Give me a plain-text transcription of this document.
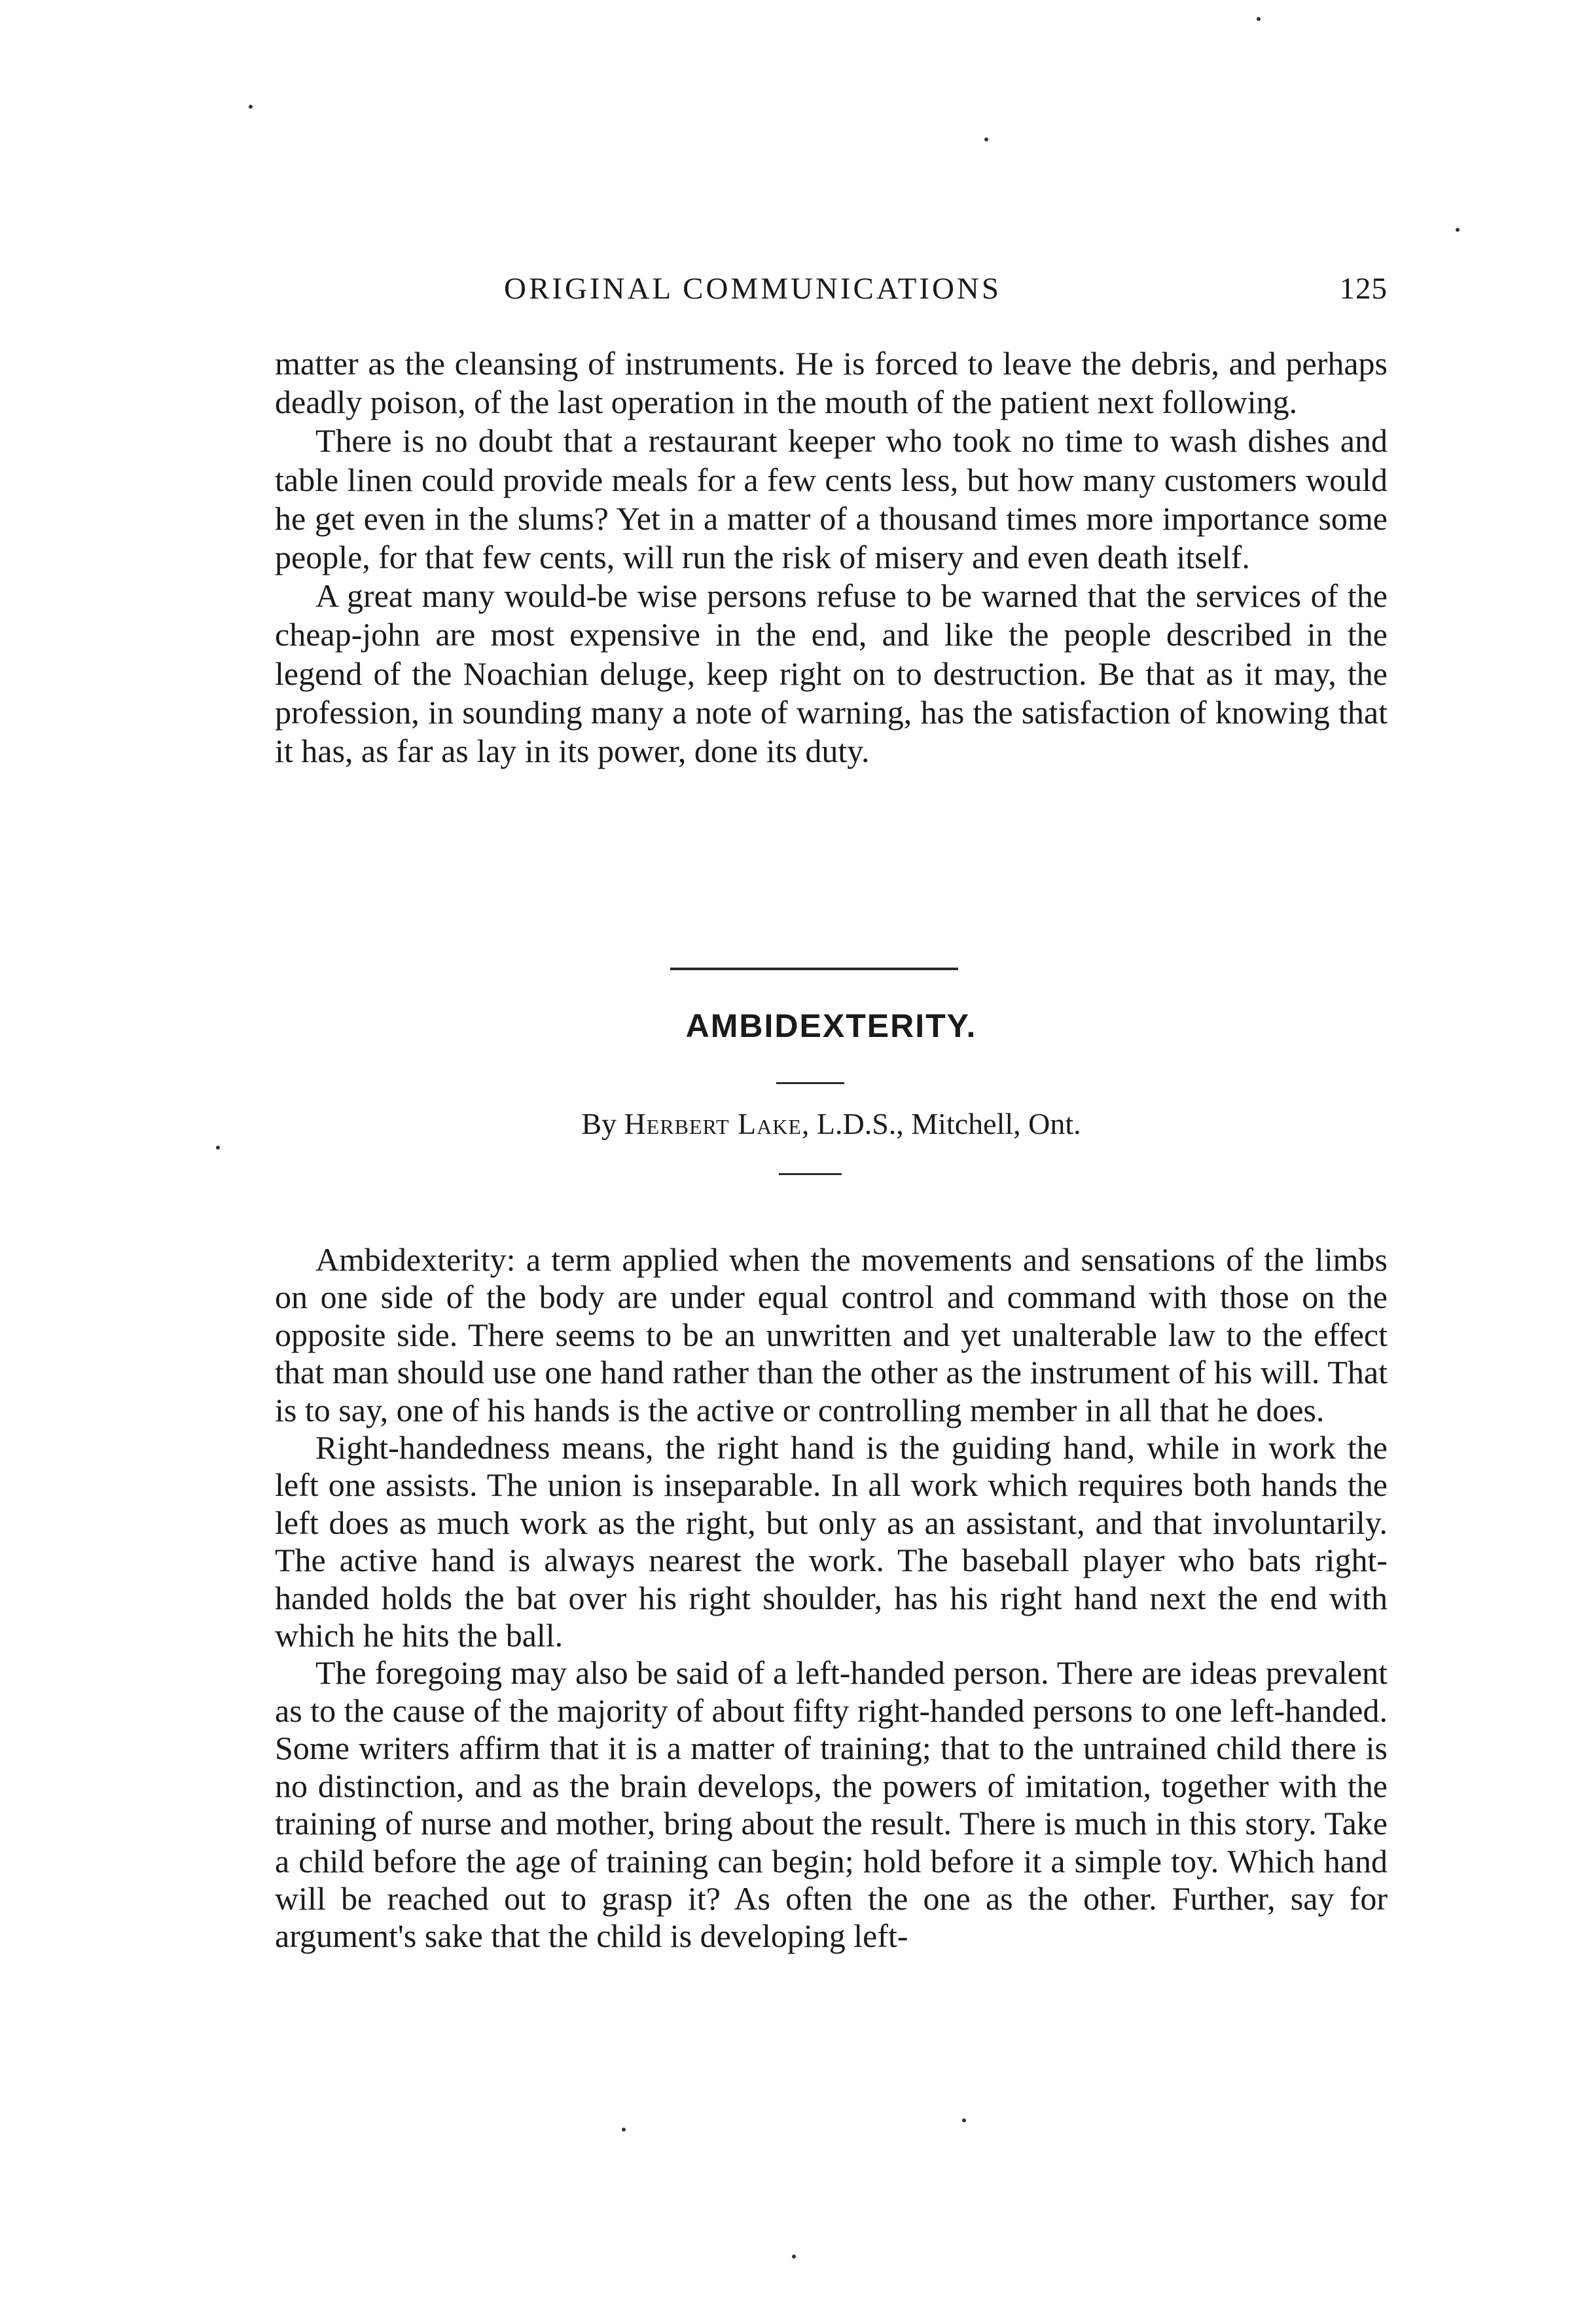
ORIGINAL COMMUNICATIONS	125

matter as the cleansing of instruments. He is forced to leave the debris, and perhaps deadly poison, of the last operation in the mouth of the patient next following.

There is no doubt that a restaurant keeper who took no time to wash dishes and table linen could provide meals for a few cents less, but how many customers would he get even in the slums? Yet in a matter of a thousand times more importance some people, for that few cents, will run the risk of misery and even death itself.

A great many would-be wise persons refuse to be warned that the services of the cheap-john are most expensive in the end, and like the people described in the legend of the Noachian deluge, keep right on to destruction. Be that as it may, the profession, in sounding many a note of warning, has the satisfaction of knowing that it has, as far as lay in its power, done its duty.

AMBIDEXTERITY.
By Herbert Lake, L.D.S., Mitchell, Ont.

Ambidexterity: a term applied when the movements and sensations of the limbs on one side of the body are under equal control and command with those on the opposite side. There seems to be an unwritten and yet unalterable law to the effect that man should use one hand rather than the other as the instrument of his will. That is to say, one of his hands is the active or controlling member in all that he does.

Right-handedness means, the right hand is the guiding hand, while in work the left one assists. The union is inseparable. In all work which requires both hands the left does as much work as the right, but only as an assistant, and that involuntarily. The active hand is always nearest the work. The baseball player who bats right-handed holds the bat over his right shoulder, has his right hand next the end with which he hits the ball.

The foregoing may also be said of a left-handed person. There are ideas prevalent as to the cause of the majority of about fifty right-handed persons to one left-handed. Some writers affirm that it is a matter of training; that to the untrained child there is no distinction, and as the brain develops, the powers of imitation, together with the training of nurse and mother, bring about the result. There is much in this story. Take a child before the age of training can begin; hold before it a simple toy. Which hand will be reached out to grasp it? As often the one as the other. Further, say for argument's sake that the child is developing left-
